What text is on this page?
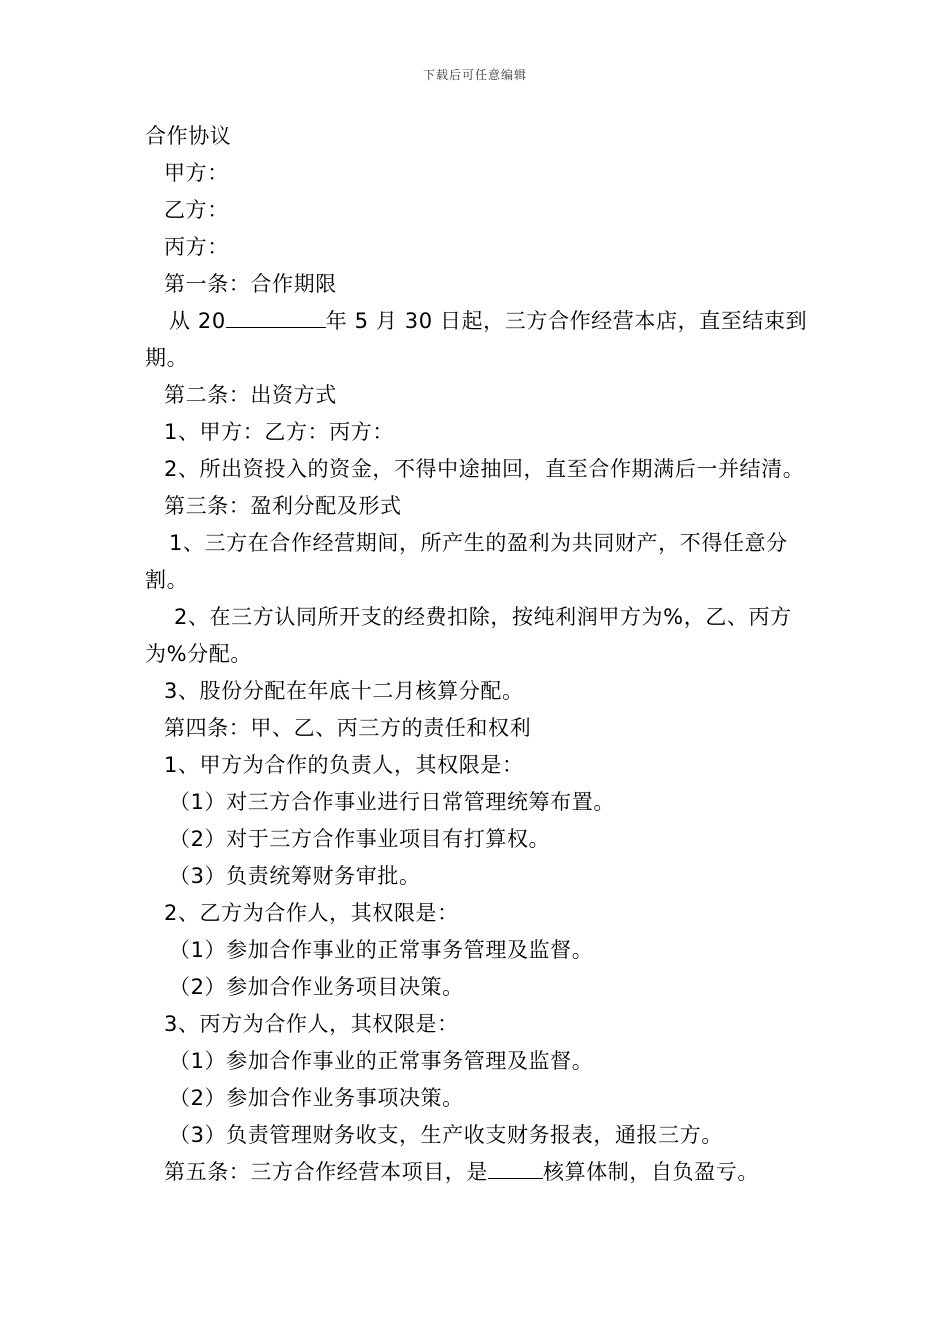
下载后可任意编辑
合作协议
甲方：
乙方：
丙方：
第一条：合作期限
从 20	年 5 月 30 日起，三方合作经营本店，直至结束到
期。
第二条：出资方式
1、甲方：乙方：丙方：
2、所出资投入的资金，不得中途抽回，直至合作期满后一并结清。
第三条：盈利分配及形式
1、三方在合作经营期间，所产生的盈利为共同财产，不得任意分
割。
2、在三方认同所开支的经费扣除，按纯利润甲方为%，乙、丙方
为%分配。
3、股份分配在年底十二月核算分配。
第四条：甲、乙、丙三方的责任和权利
1、甲方为合作的负责人，其权限是：
（1）对三方合作事业进行日常管理统筹布置。
（2）对于三方合作事业项目有打算权。
（3）负责统筹财务审批。
2、乙方为合作人，其权限是：
（1）参加合作事业的正常事务管理及监督。
（2）参加合作业务项目决策。
3、丙方为合作人，其权限是：
（1）参加合作事业的正常事务管理及监督。
（2）参加合作业务事项决策。
（3）负责管理财务收支，生产收支财务报表，通报三方。
第五条：三方合作经营本项目，是	核算体制，自负盈亏。
